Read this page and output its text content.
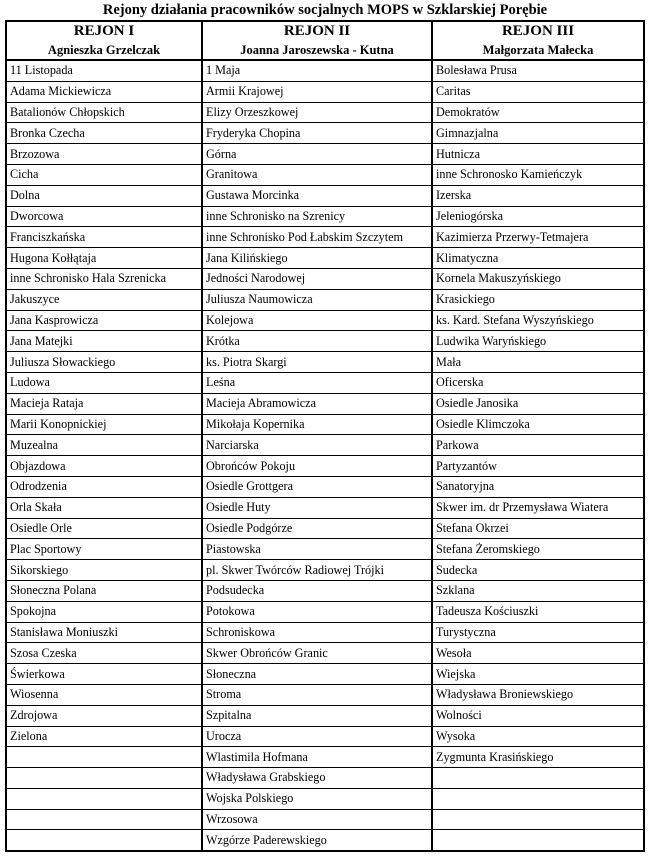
Rejony działania pracowników socjalnych MOPS w Szklarskiej Porębie
REJON I	REJON II	REJON III
Agnieszka Grzelczak	Joanna Jaroszewska - Kutna	Małgorzata Małecka
11 Listopada	1 Maja	Bolesława Prusa
Adama Mickiewicza	Armii Krajowej	Caritas
Batalionów Chłopskich	Elizy Orzeszkowej	Demokratów
Bronka Czecha	Fryderyka Chopina	Gimnazjalna
Brzozowa	Górna	Hutnicza
Cicha	Granitowa	inne Schronosko Kamieńczyk
Dolna	Gustawa Morcinka	Izerska
Dworcowa	inne Schronisko na Szrenicy	Jeleniogórska
Franciszkańska	inne Schronisko Pod Łabskim Szczytem	Kazimierza Przerwy-Tetmajera
Hugona Kołłątaja	Jana Kilińskiego	Klimatyczna
inne Schronisko Hala Szrenicka	Jedności Narodowej	Kornela Makuszyńskiego
Jakuszyce	Juliusza Naumowicza	Krasickiego
Jana Kasprowicza	Kolejowa	ks. Kard. Stefana Wyszyńskiego
Jana Matejki	Krótka	Ludwika Waryńskiego
Juliusza Słowackiego	ks. Piotra Skargi	Mała
Ludowa	Leśna	Oficerska
Macieja Rataja	Macieja Abramowicza	Osiedle Janosika
Marii Konopnickiej	Mikołaja Kopernika	Osiedle Klimczoka
Muzealna	Narciarska	Parkowa
Objazdowa	Obrońców Pokoju	Partyzantów
Odrodzenia	Osiedle Grottgera	Sanatoryjna
Orla Skała	Osiedle Huty	Skwer im. dr Przemysława Wiatera
Osiedle Orle	Osiedle Podgórze	Stefana Okrzei
Plac Sportowy	Piastowska	Stefana Żeromskiego
Sikorskiego	pl. Skwer Twórców Radiowej Trójki	Sudecka
Słoneczna Polana	Podsudecka	Szklana
Spokojna	Potokowa	Tadeusza Kościuszki
Stanisława Moniuszki	Schroniskowa	Turystyczna
Szosa Czeska	Skwer Obrońców Granic	Wesoła
Świerkowa	Słoneczna	Wiejska
Wiosenna	Stroma	Władysława Broniewskiego
Zdrojowa	Szpitalna	Wolności
Zielona	Urocza	Wysoka
	Wlastimila Hofmana	Zygmunta Krasińskiego
	Władysława Grabskiego	
	Wojska Polskiego	
	Wrzosowa	
	Wzgórze Paderewskiego	
